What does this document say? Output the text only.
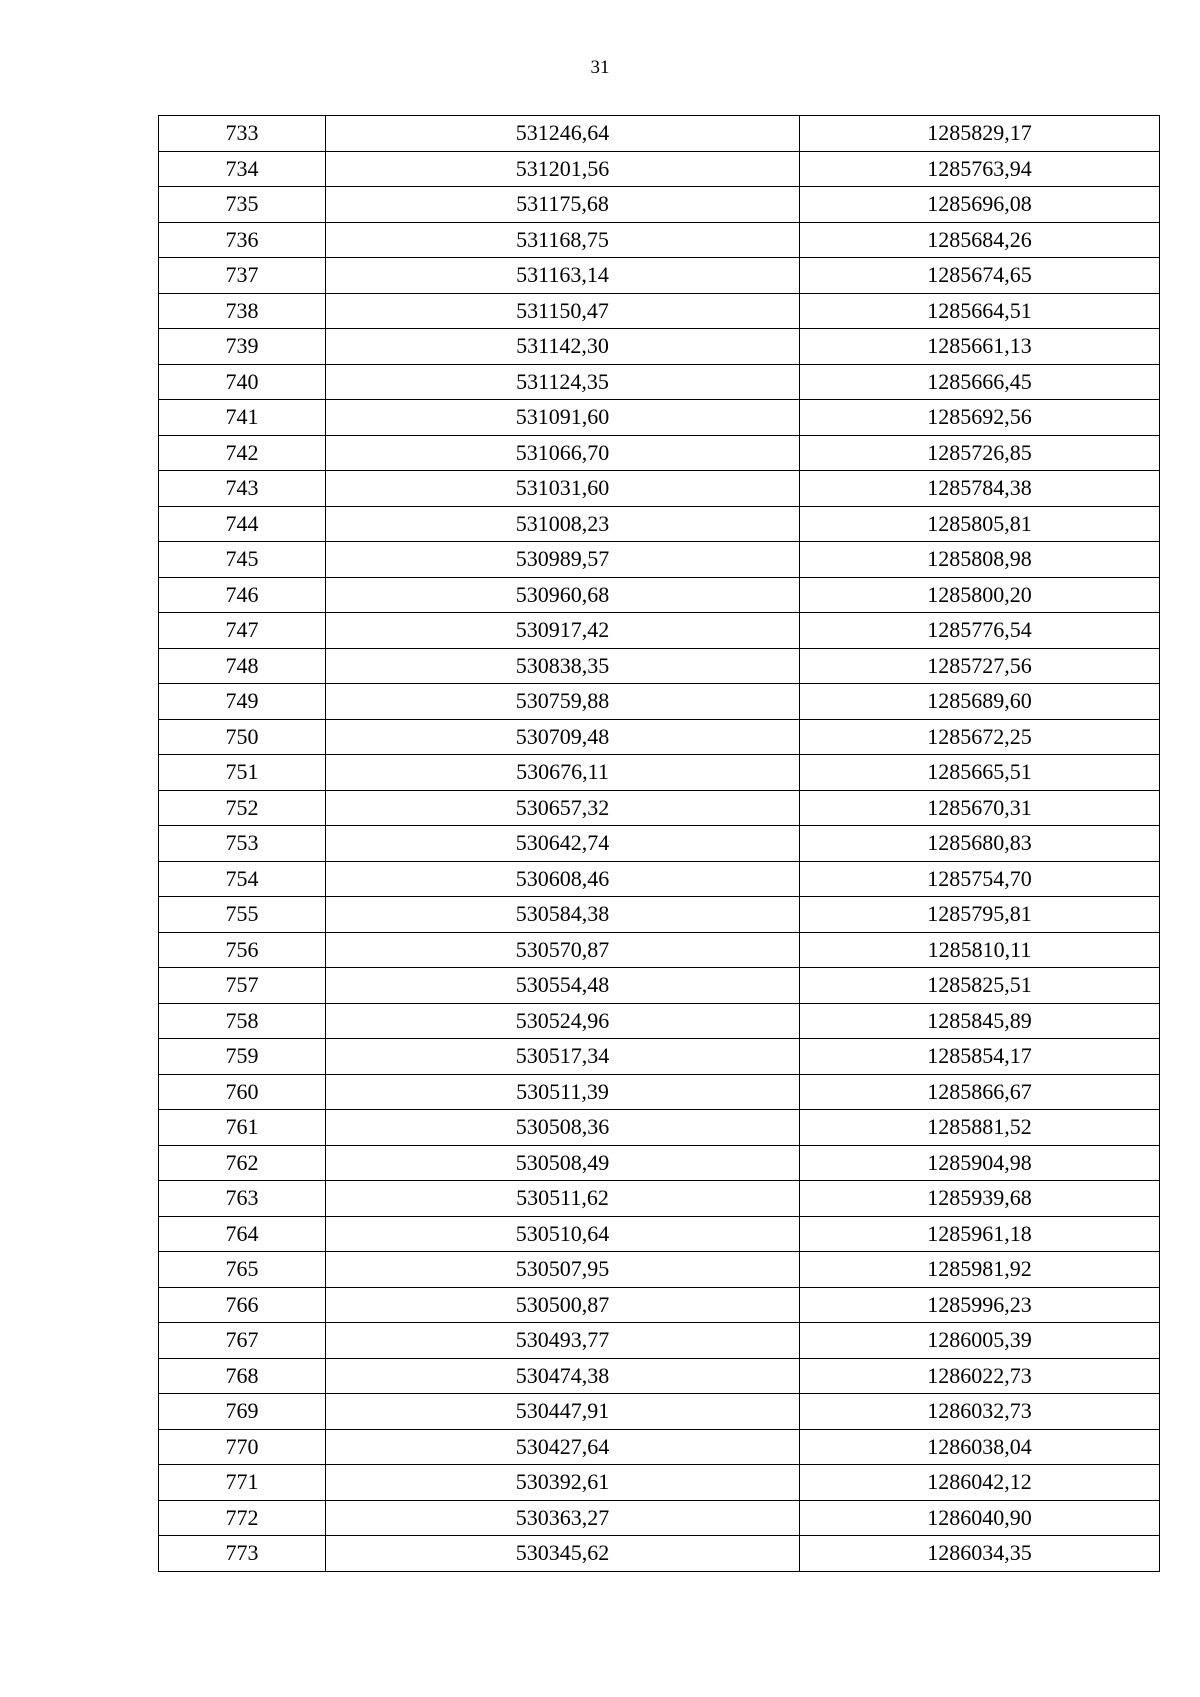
31
733	531246,64	1285829,17
734	531201,56	1285763,94
735	531175,68	1285696,08
736	531168,75	1285684,26
737	531163,14	1285674,65
738	531150,47	1285664,51
739	531142,30	1285661,13
740	531124,35	1285666,45
741	531091,60	1285692,56
742	531066,70	1285726,85
743	531031,60	1285784,38
744	531008,23	1285805,81
745	530989,57	1285808,98
746	530960,68	1285800,20
747	530917,42	1285776,54
748	530838,35	1285727,56
749	530759,88	1285689,60
750	530709,48	1285672,25
751	530676,11	1285665,51
752	530657,32	1285670,31
753	530642,74	1285680,83
754	530608,46	1285754,70
755	530584,38	1285795,81
756	530570,87	1285810,11
757	530554,48	1285825,51
758	530524,96	1285845,89
759	530517,34	1285854,17
760	530511,39	1285866,67
761	530508,36	1285881,52
762	530508,49	1285904,98
763	530511,62	1285939,68
764	530510,64	1285961,18
765	530507,95	1285981,92
766	530500,87	1285996,23
767	530493,77	1286005,39
768	530474,38	1286022,73
769	530447,91	1286032,73
770	530427,64	1286038,04
771	530392,61	1286042,12
772	530363,27	1286040,90
773	530345,62	1286034,35
